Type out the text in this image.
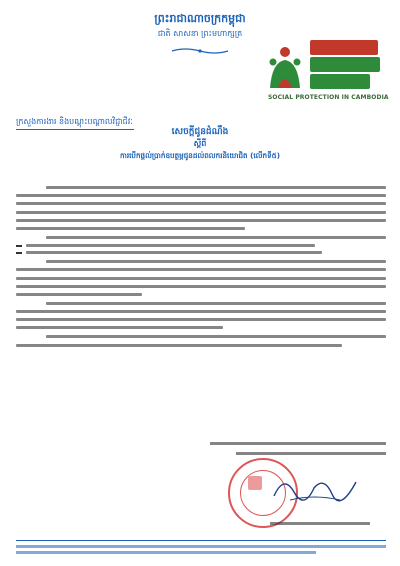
ព្រះរាជាណាចក្រកម្ពុជា
ជាតិ សាសនា ព្រះមហាក្សត្រ
SOCIAL PROTECTION IN CAMBODIA
ក្រសួងការងារ និងបណ្តុះបណ្តាលវិជ្ជាជីវៈ
សេចក្តីជូនដំណឹង
ស្តីពី
ការបើកផ្តល់ប្រាក់ឧបត្ថម្ភជូនដល់ពលករនិយោជិត (លើកទី៥)
